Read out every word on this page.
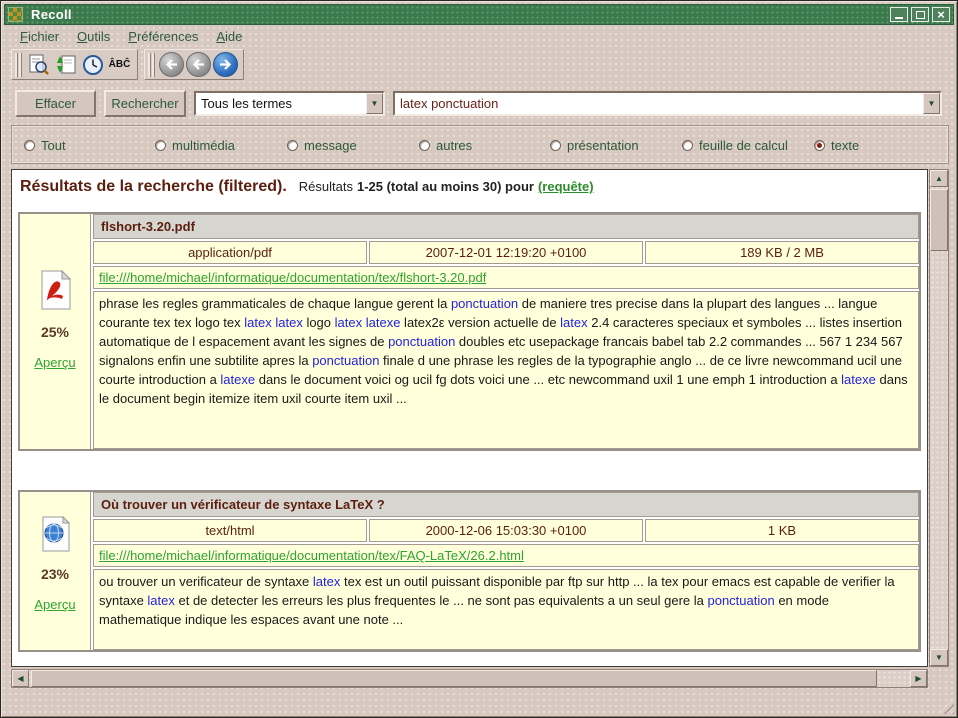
Recoll	×
Fichier	Outils	Préférences	Aide
ÂBĈ
Effacer	Rechercher	Tous les termes	▼
latex ponctuation	▼
Tout	multimédia	message	autres	présentation	feuille de calcul	texte
Résultats de la recherche (filtered). Résultats 1-25 (total au moins 30) pour (requête)
25%
Aperçu
flshort-3.20.pdf
application/pdf	2007-12-01 12:19:20 +0100	189 KB / 2 MB
file:///home/michael/informatique/documentation/tex/flshort-3.20.pdf
phrase les regles grammaticales de chaque langue gerent la ponctuation de maniere tres precise dans la plupart des langues ... langue courante tex tex logo tex latex latex logo latex latexe latex2ε version actuelle de latex 2.4 caracteres speciaux et symboles ... listes insertion automatique de l espacement avant les signes de ponctuation doubles etc usepackage francais babel tab 2.2 commandes ... 567 1 234 567 signalons enfin une subtilite apres la ponctuation finale d une phrase les regles de la typographie anglo ... de ce livre newcommand ucil une courte introduction a latexe dans le document voici og ucil fg dots voici une ... etc newcommand uxil 1 une emph 1 introduction a latexe dans le document begin itemize item uxil courte item uxil ...
23%
Aperçu
Où trouver un vérificateur de syntaxe LaTeX ?
text/html	2000-12-06 15:03:30 +0100	1 KB
file:///home/michael/informatique/documentation/tex/FAQ-LaTeX/26.2.html
ou trouver un verificateur de syntaxe latex tex est un outil puissant disponible par ftp sur http ... la tex pour emacs est capable de verifier la syntaxe latex et de detecter les erreurs les plus frequentes le ... ne sont pas equivalents a un seul gere la ponctuation en mode mathematique indique les espaces avant une note ...
▲
▼
◀	▶
